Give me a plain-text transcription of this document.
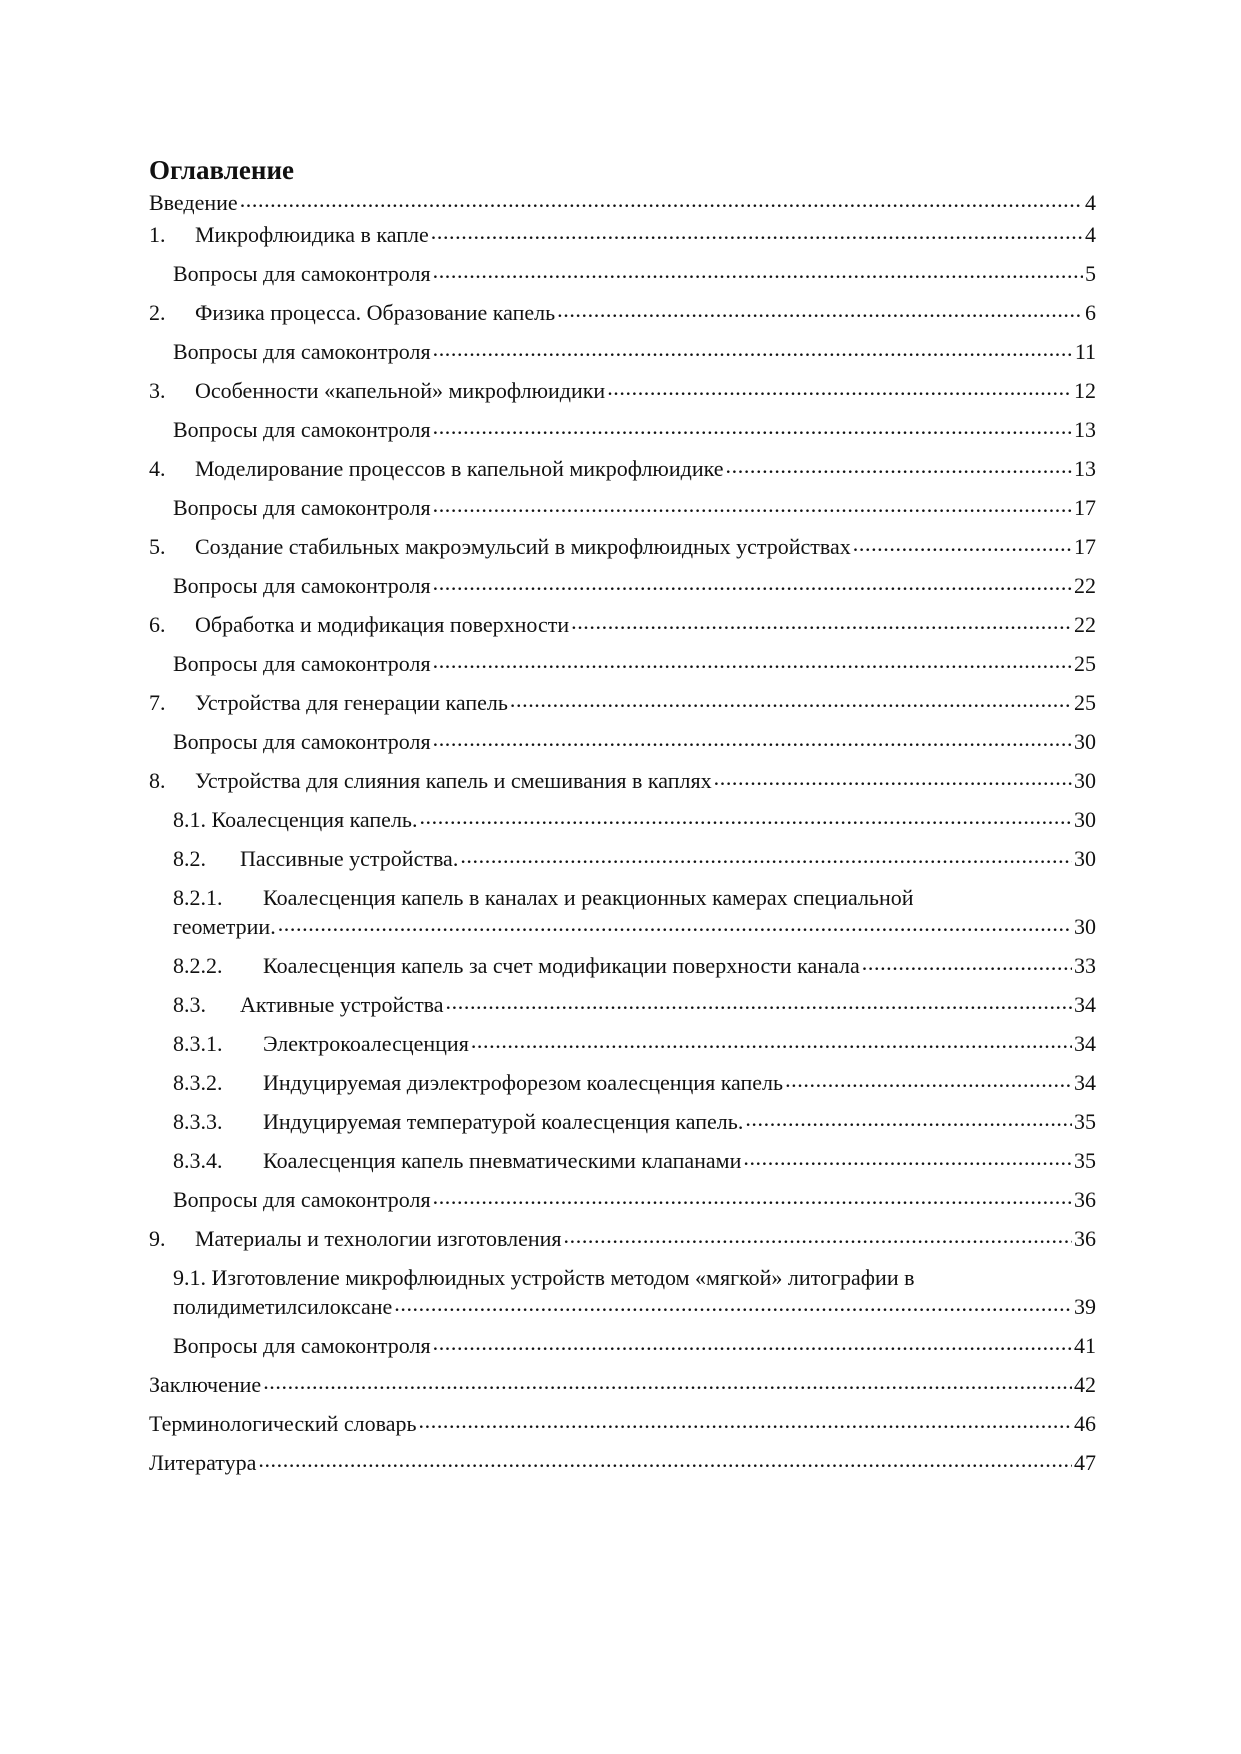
Оглавление
Введение .....	4
1.	Микрофлюидика в капле .....	4
Вопросы для самоконтроля .....	5
2.	Физика процесса. Образование капель .....	6
Вопросы для самоконтроля .....	11
3.	Особенности «капельной» микрофлюидики .....	12
Вопросы для самоконтроля .....	13
4.	Моделирование процессов в капельной микрофлюидике .....	13
Вопросы для самоконтроля .....	17
5.	Создание стабильных макроэмульсий в микрофлюидных устройствах .....	17
Вопросы для самоконтроля .....	22
6.	Обработка и модификация поверхности .....	22
Вопросы для самоконтроля .....	25
7.	Устройства для генерации капель .....	25
Вопросы для самоконтроля .....	30
8.	Устройства для слияния капель и смешивания в каплях .....	30
8.1. Коалесценция капель. .....	30
8.2.	Пассивные устройства. .....	30
8.2.1.	Коалесценция капель в каналах и реакционных камерах специальной
геометрии. .....	30
8.2.2.	Коалесценция капель за счет модификации поверхности канала .....	33
8.3.	Активные устройства .....	34
8.3.1.	Электрокоалесценция .....	34
8.3.2.	Индуцируемая диэлектрофорезом коалесценция капель .....	34
8.3.3.	Индуцируемая температурой коалесценция капель. .....	35
8.3.4.	Коалесценция капель пневматическими клапанами .....	35
Вопросы для самоконтроля .....	36
9.	Материалы и технологии изготовления .....	36
9.1. Изготовление микрофлюидных устройств методом «мягкой» литографии в
полидиметилсилоксане .....	39
Вопросы для самоконтроля .....	41
Заключение .....	42
Терминологический словарь .....	46
Литература .....	47
